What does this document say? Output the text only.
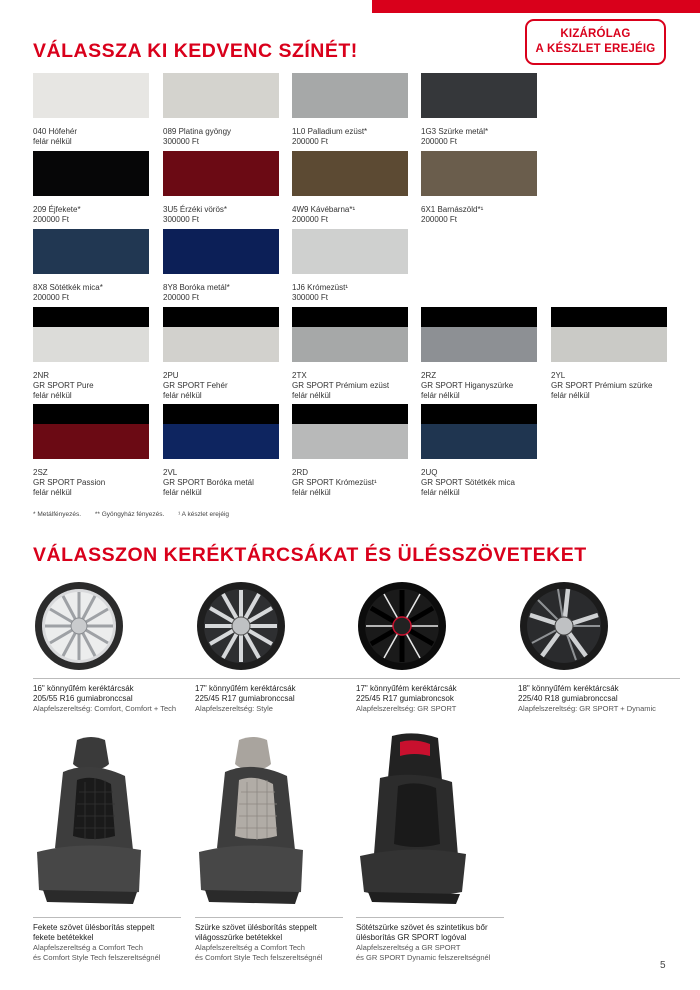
KIZÁRÓLAG
A KÉSZLET EREJÉIG
VÁLASSZA KI KEDVENC SZÍNÉT!
040 Hófehér
felár nélkül
089 Platina gyöngy
300000 Ft
1L0 Palladium ezüst*
200000 Ft
1G3 Szürke metál*
200000 Ft
209 Éjfekete*
200000 Ft
3U5 Érzéki vörös*
300000 Ft
4W9 Kávébarna*¹
200000 Ft
6X1 Barnászöld*¹
200000 Ft
8X8 Sötétkék mica*
200000 Ft
8Y8 Boróka metál*
200000 Ft
1J6 Krómezüst¹
300000 Ft
2NR
GR SPORT Pure
felár nélkül
2PU
GR SPORT Fehér
felár nélkül
2TX
GR SPORT Prémium ezüst
felár nélkül
2RZ
GR SPORT Higanyszürke
felár nélkül
2YL
GR SPORT Prémium szürke
felár nélkül
2SZ
GR SPORT Passion
felár nélkül
2VL
GR SPORT Boróka metál
felár nélkül
2RD
GR SPORT Krómezüst¹
felár nélkül
2UQ
GR SPORT Sötétkék mica
felár nélkül
* Metálfényezés. ** Gyöngyház fényezés. ¹ A készlet erejéig
VÁLASSZON KERÉKTÁRCSÁKAT ÉS ÜLÉSSZÖVETEKET
16" könnyűfém keréktárcsák
205/55 R16 gumiabronccsal
Alapfelszereltség: Comfort, Comfort + Tech
17" könnyűfém keréktárcsák
225/45 R17 gumiabronccsal
Alapfelszereltség: Style
17" könnyűfém keréktárcsák
225/45 R17 gumiabroncsok
Alapfelszereltség: GR SPORT
18" könnyűfém keréktárcsák
225/40 R18 gumiabronccsal
Alapfelszereltség: GR SPORT + Dynamic
Fekete szövet ülésborítás steppelt
fekete betétekkel
Alapfelszereltség a Comfort Tech
és Comfort Style Tech felszereltségnél
Szürke szövet ülésborítás steppelt
világosszürke betétekkel
Alapfelszereltség a Comfort Tech
és Comfort Style Tech felszereltségnél
Sötétszürke szövet és szintetikus bőr
ülésborítás GR SPORT logóval
Alapfelszereltség a GR SPORT
és GR SPORT Dynamic felszereltségnél
5
